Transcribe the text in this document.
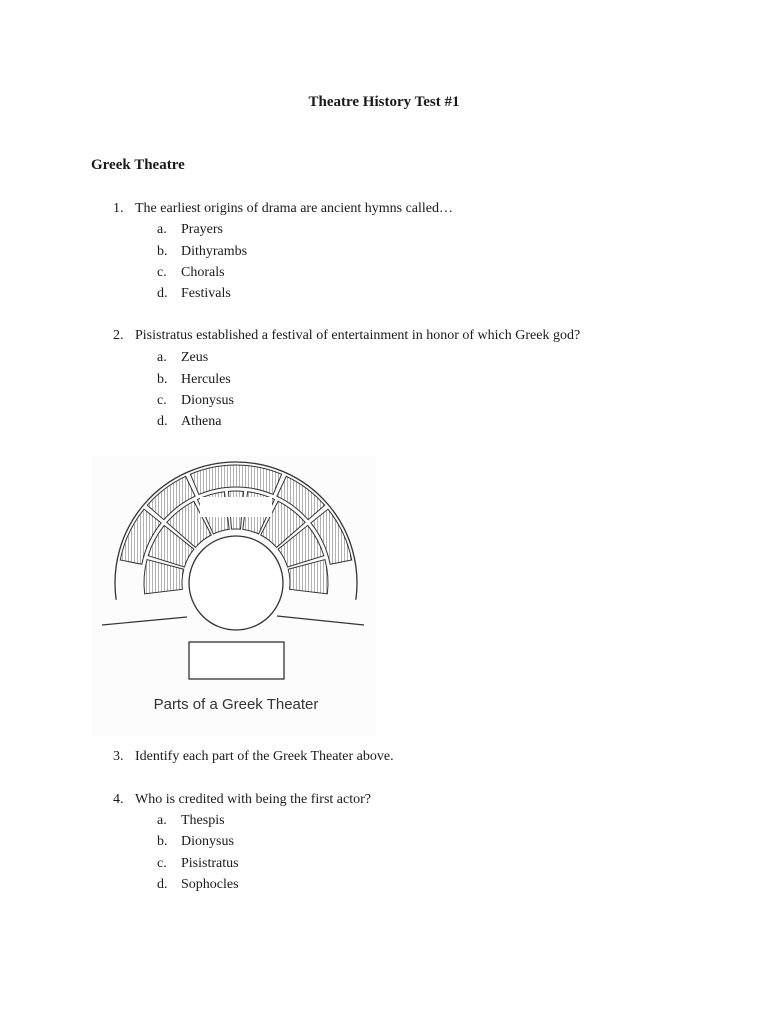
Theatre History Test #1
Greek Theatre
1. The earliest origins of drama are ancient hymns called…
a. Prayers
b. Dithyrambs
c. Chorals
d. Festivals
2. Pisistratus established a festival of entertainment in honor of which Greek god?
a. Zeus
b. Hercules
c. Dionysus
d. Athena
Parts of a Greek Theater
3. Identify each part of the Greek Theater above.
4. Who is credited with being the first actor?
a. Thespis
b. Dionysus
c. Pisistratus
d. Sophocles
